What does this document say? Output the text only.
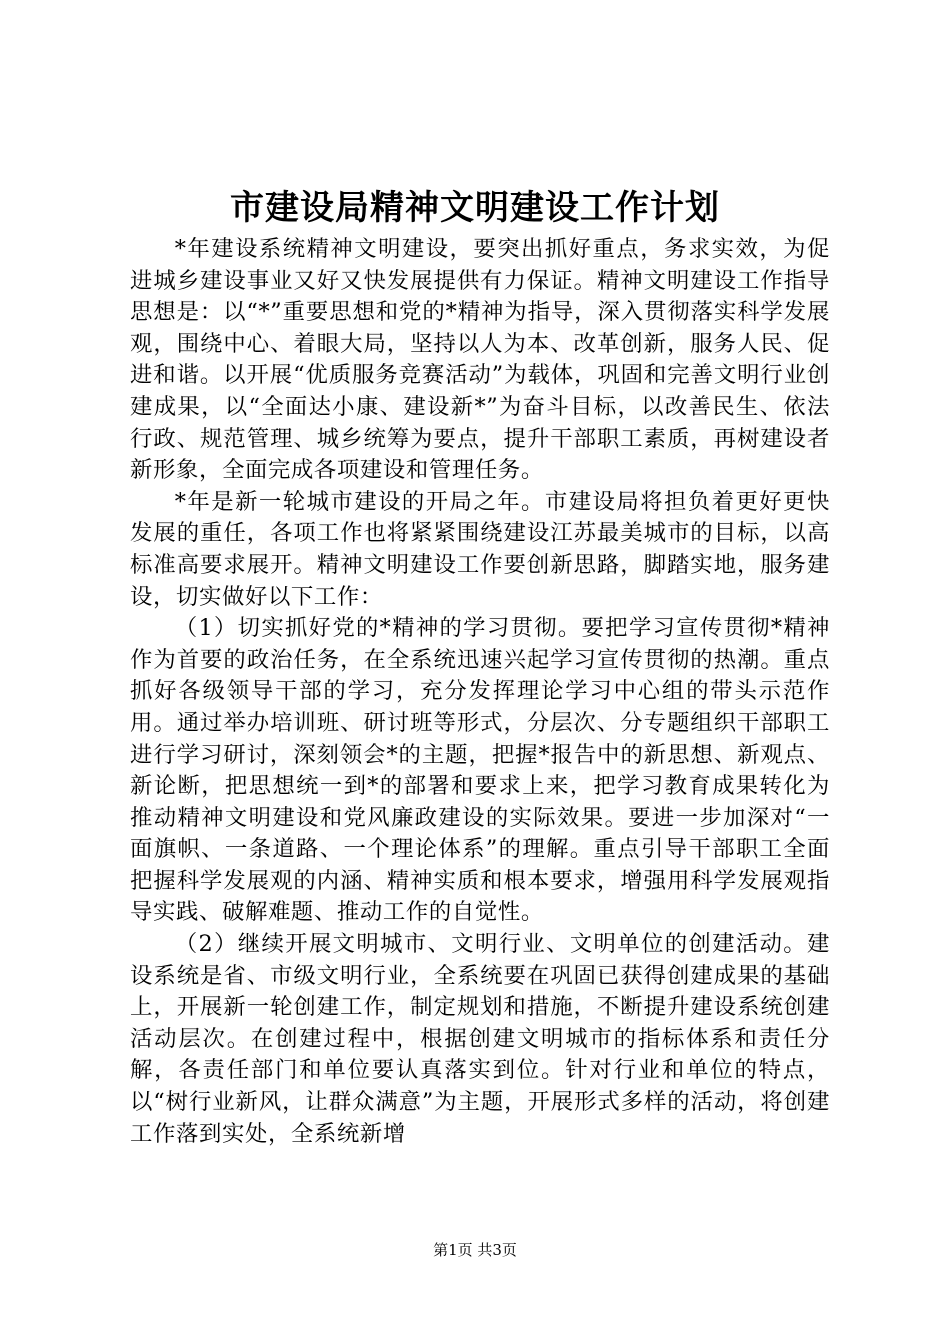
市建设局精神文明建设工作计划

*年建设系统精神文明建设，要突出抓好重点，务求实效，为促进城乡建设事业又好又快发展提供有力保证。精神文明建设工作指导思想是：以“*”重要思想和党的*精神为指导，深入贯彻落实科学发展观，围绕中心、着眼大局，坚持以人为本、改革创新，服务人民、促进和谐。以开展“优质服务竞赛活动”为载体，巩固和完善文明行业创建成果，以“全面达小康、建设新*”为奋斗目标，以改善民生、依法行政、规范管理、城乡统筹为要点，提升干部职工素质，再树建设者新形象，全面完成各项建设和管理任务。

*年是新一轮城市建设的开局之年。市建设局将担负着更好更快发展的重任，各项工作也将紧紧围绕建设江苏最美城市的目标，以高标准高要求展开。精神文明建设工作要创新思路，脚踏实地，服务建设，切实做好以下工作：

（1）切实抓好党的*精神的学习贯彻。要把学习宣传贯彻*精神作为首要的政治任务，在全系统迅速兴起学习宣传贯彻的热潮。重点抓好各级领导干部的学习，充分发挥理论学习中心组的带头示范作用。通过举办培训班、研讨班等形式，分层次、分专题组织干部职工进行学习研讨，深刻领会*的主题，把握*报告中的新思想、新观点、新论断，把思想统一到*的部署和要求上来，把学习教育成果转化为推动精神文明建设和党风廉政建设的实际效果。要进一步加深对“一面旗帜、一条道路、一个理论体系”的理解。重点引导干部职工全面把握科学发展观的内涵、精神实质和根本要求，增强用科学发展观指导实践、破解难题、推动工作的自觉性。

（2）继续开展文明城市、文明行业、文明单位的创建活动。建设系统是省、市级文明行业，全系统要在巩固已获得创建成果的基础上，开展新一轮创建工作，制定规划和措施，不断提升建设系统创建活动层次。在创建过程中，根据创建文明城市的指标体系和责任分解，各责任部门和单位要认真落实到位。针对行业和单位的特点，以“树行业新风，让群众满意”为主题，开展形式多样的活动，将创建工作落到实处，全系统新增

第1页 共3页
